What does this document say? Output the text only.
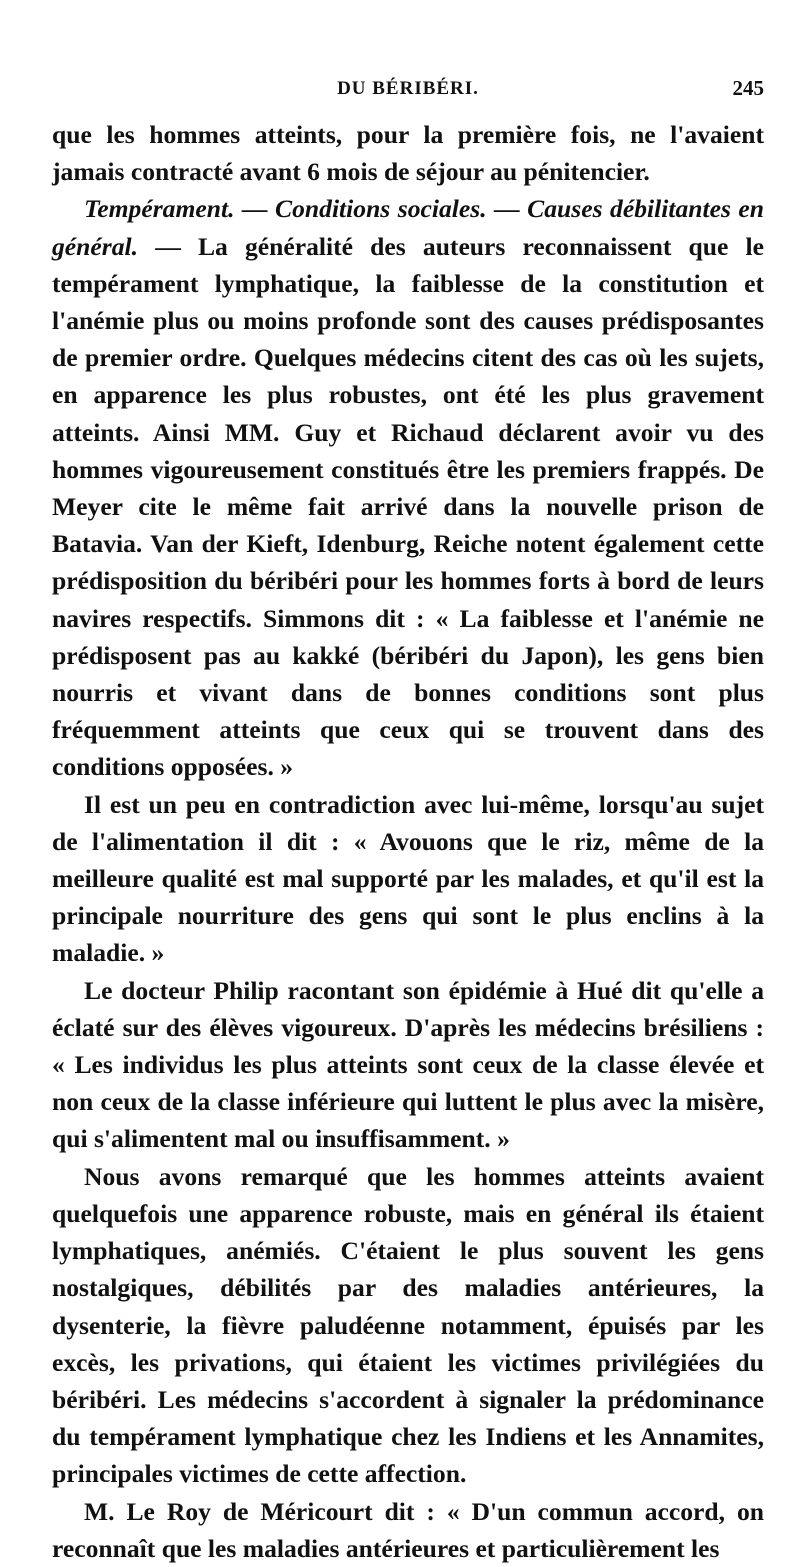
DU BÉRIBÉRI.	245

que les hommes atteints, pour la première fois, ne l'avaient jamais contracté avant 6 mois de séjour au pénitencier.

Tempérament. — Conditions sociales. — Causes débilitantes en général. — La généralité des auteurs reconnaissent que le tempérament lymphatique, la faiblesse de la constitution et l'anémie plus ou moins profonde sont des causes prédisposantes de premier ordre. Quelques médecins citent des cas où les sujets, en apparence les plus robustes, ont été les plus gravement atteints. Ainsi MM. Guy et Richaud déclarent avoir vu des hommes vigoureusement constitués être les premiers frappés. De Meyer cite le même fait arrivé dans la nouvelle prison de Batavia. Van der Kieft, Idenburg, Reiche notent également cette prédisposition du béribéri pour les hommes forts à bord de leurs navires respectifs. Simmons dit : « La faiblesse et l'anémie ne prédisposent pas au kakké (béribéri du Japon), les gens bien nourris et vivant dans de bonnes conditions sont plus fréquemment atteints que ceux qui se trouvent dans des conditions opposées. »

Il est un peu en contradiction avec lui-même, lorsqu'au sujet de l'alimentation il dit : « Avouons que le riz, même de la meilleure qualité est mal supporté par les malades, et qu'il est la principale nourriture des gens qui sont le plus enclins à la maladie. »

Le docteur Philip racontant son épidémie à Hué dit qu'elle a éclaté sur des élèves vigoureux. D'après les médecins brésiliens : « Les individus les plus atteints sont ceux de la classe élevée et non ceux de la classe inférieure qui luttent le plus avec la misère, qui s'alimentent mal ou insuffisamment. »

Nous avons remarqué que les hommes atteints avaient quelquefois une apparence robuste, mais en général ils étaient lymphatiques, anémiés. C'étaient le plus souvent les gens nostalgiques, débilités par des maladies antérieures, la dysenterie, la fièvre paludéenne notamment, épuisés par les excès, les privations, qui étaient les victimes privilégiées du béribéri. Les médecins s'accordent à signaler la prédominance du tempérament lymphatique chez les Indiens et les Annamites, principales victimes de cette affection.

M. Le Roy de Méricourt dit : « D'un commun accord, on reconnaît que les maladies antérieures et particulièrement les
